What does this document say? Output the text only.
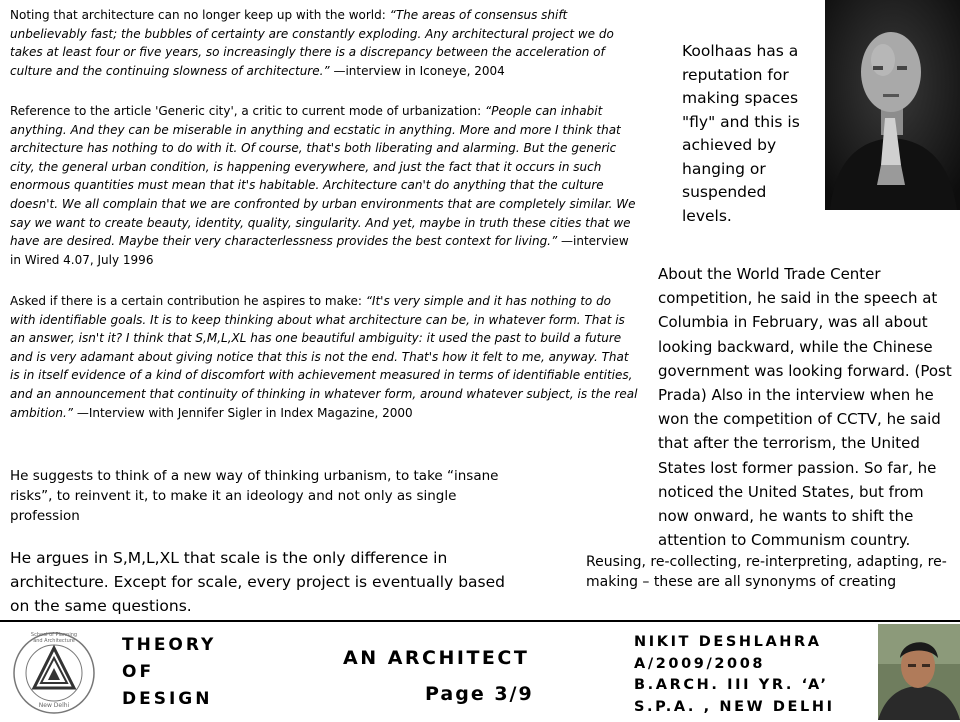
Noting that architecture can no longer keep up with the world: “The areas of consensus shift unbelievably fast; the bubbles of certainty are constantly exploding. Any architectural project we do takes at least four or five years, so increasingly there is a discrepancy between the acceleration of culture and the continuing slowness of architecture.” —interview in Iconeye, 2004
Reference to the article 'Generic city', a critic to current mode of urbanization: “People can inhabit anything. And they can be miserable in anything and ecstatic in anything. More and more I think that architecture has nothing to do with it. Of course, that's both liberating and alarming. But the generic city, the general urban condition, is happening everywhere, and just the fact that it occurs in such enormous quantities must mean that it's habitable. Architecture can't do anything that the culture doesn't. We all complain that we are confronted by urban environments that are completely similar. We say we want to create beauty, identity, quality, singularity. And yet, maybe in truth these cities that we have are desired. Maybe their very characterlessness provides the best context for living.” —interview in Wired 4.07, July 1996
Asked if there is a certain contribution he aspires to make: “It's very simple and it has nothing to do with identifiable goals. It is to keep thinking about what architecture can be, in whatever form. That is an answer, isn't it? I think that S,M,L,XL has one beautiful ambiguity: it used the past to build a future and is very adamant about giving notice that this is not the end. That's how it felt to me, anyway. That is in itself evidence of a kind of discomfort with achievement measured in terms of identifiable entities, and an announcement that continuity of thinking in whatever form, around whatever subject, is the real ambition.” —Interview with Jennifer Sigler in Index Magazine, 2000
He suggests to think of a new way of thinking urbanism, to take “insane risks”, to reinvent it, to make it an ideology and not only as single profession
He argues in S,M,L,XL that scale is the only difference in architecture. Except for scale, every project is eventually based on the same questions.
Koolhaas has a reputation for making spaces "fly" and this is achieved by hanging or suspended levels.
About the World Trade Center competition, he said in the speech at Columbia in February, was all about looking backward, while the Chinese government was looking forward. (Post Prada) Also in the interview when he won the competition of CCTV, he said that after the terrorism, the United States lost former passion. So far, he noticed the United States, but from now onward, he wants to shift the attention to Communism country.
Reusing, re-collecting, re-interpreting, adapting, re-making – these are all synonyms of creating
School of Planning and Architecture
New Delhi
THEORY
OF
DESIGN
AN ARCHITECT
Page 3/9
NIKIT DESHLAHRA
A/2009/2008
B.ARCH. III YR. ‘A’
S.P.A. , NEW DELHI
